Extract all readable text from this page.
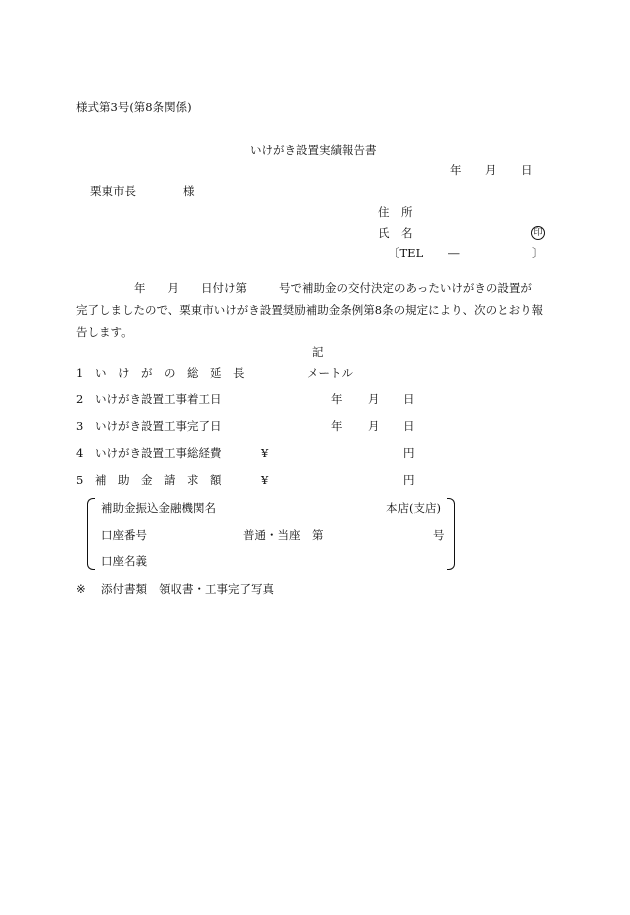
様式第3号(第8条関係)
いけがき設置実績報告書
年 月 日
栗東市長	様
住　所
氏　名	印
〔TEL ―	〕
年 月 日付け第	号で補助金の交付決定のあったいけがきの設置が
完了しましたので、栗東市いけがき設置奨励補助金条例第8条の規定により、次のとおり報
告します。
記
1 い　け　が　の　総　延　長	メートル
2 いけがき設置工事着工日	年 月 日
3 いけがき設置工事完了日	年 月 日
4 いけがき設置工事総経費	¥	円
5 補　助　金　請　求　額	¥	円
補助金振込金融機関名	本店(支店)
口座番号	普通・当座　第	号
口座名義
※ 添付書類 領収書・工事完了写真
